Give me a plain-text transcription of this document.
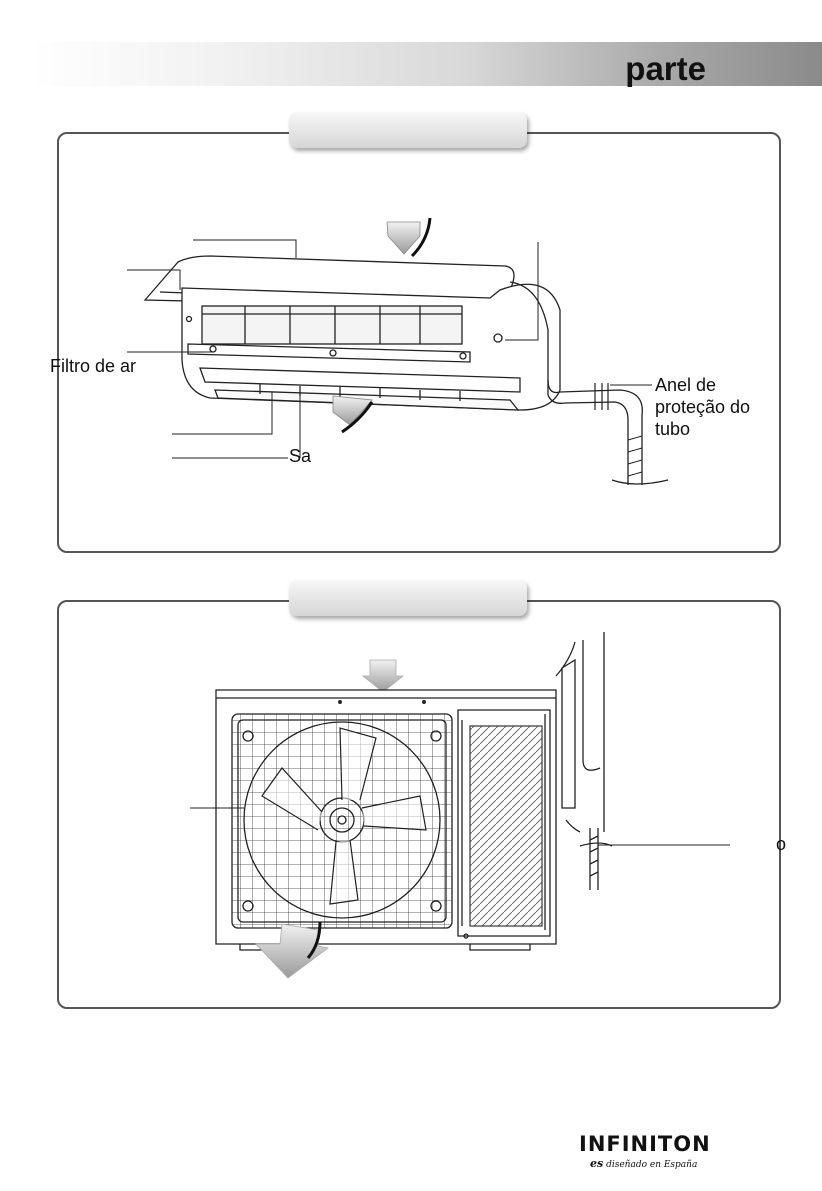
parte
Filtro de ar
Sa
Anel de
proteção do
tubo
o
INFINITON
es diseñado en España
